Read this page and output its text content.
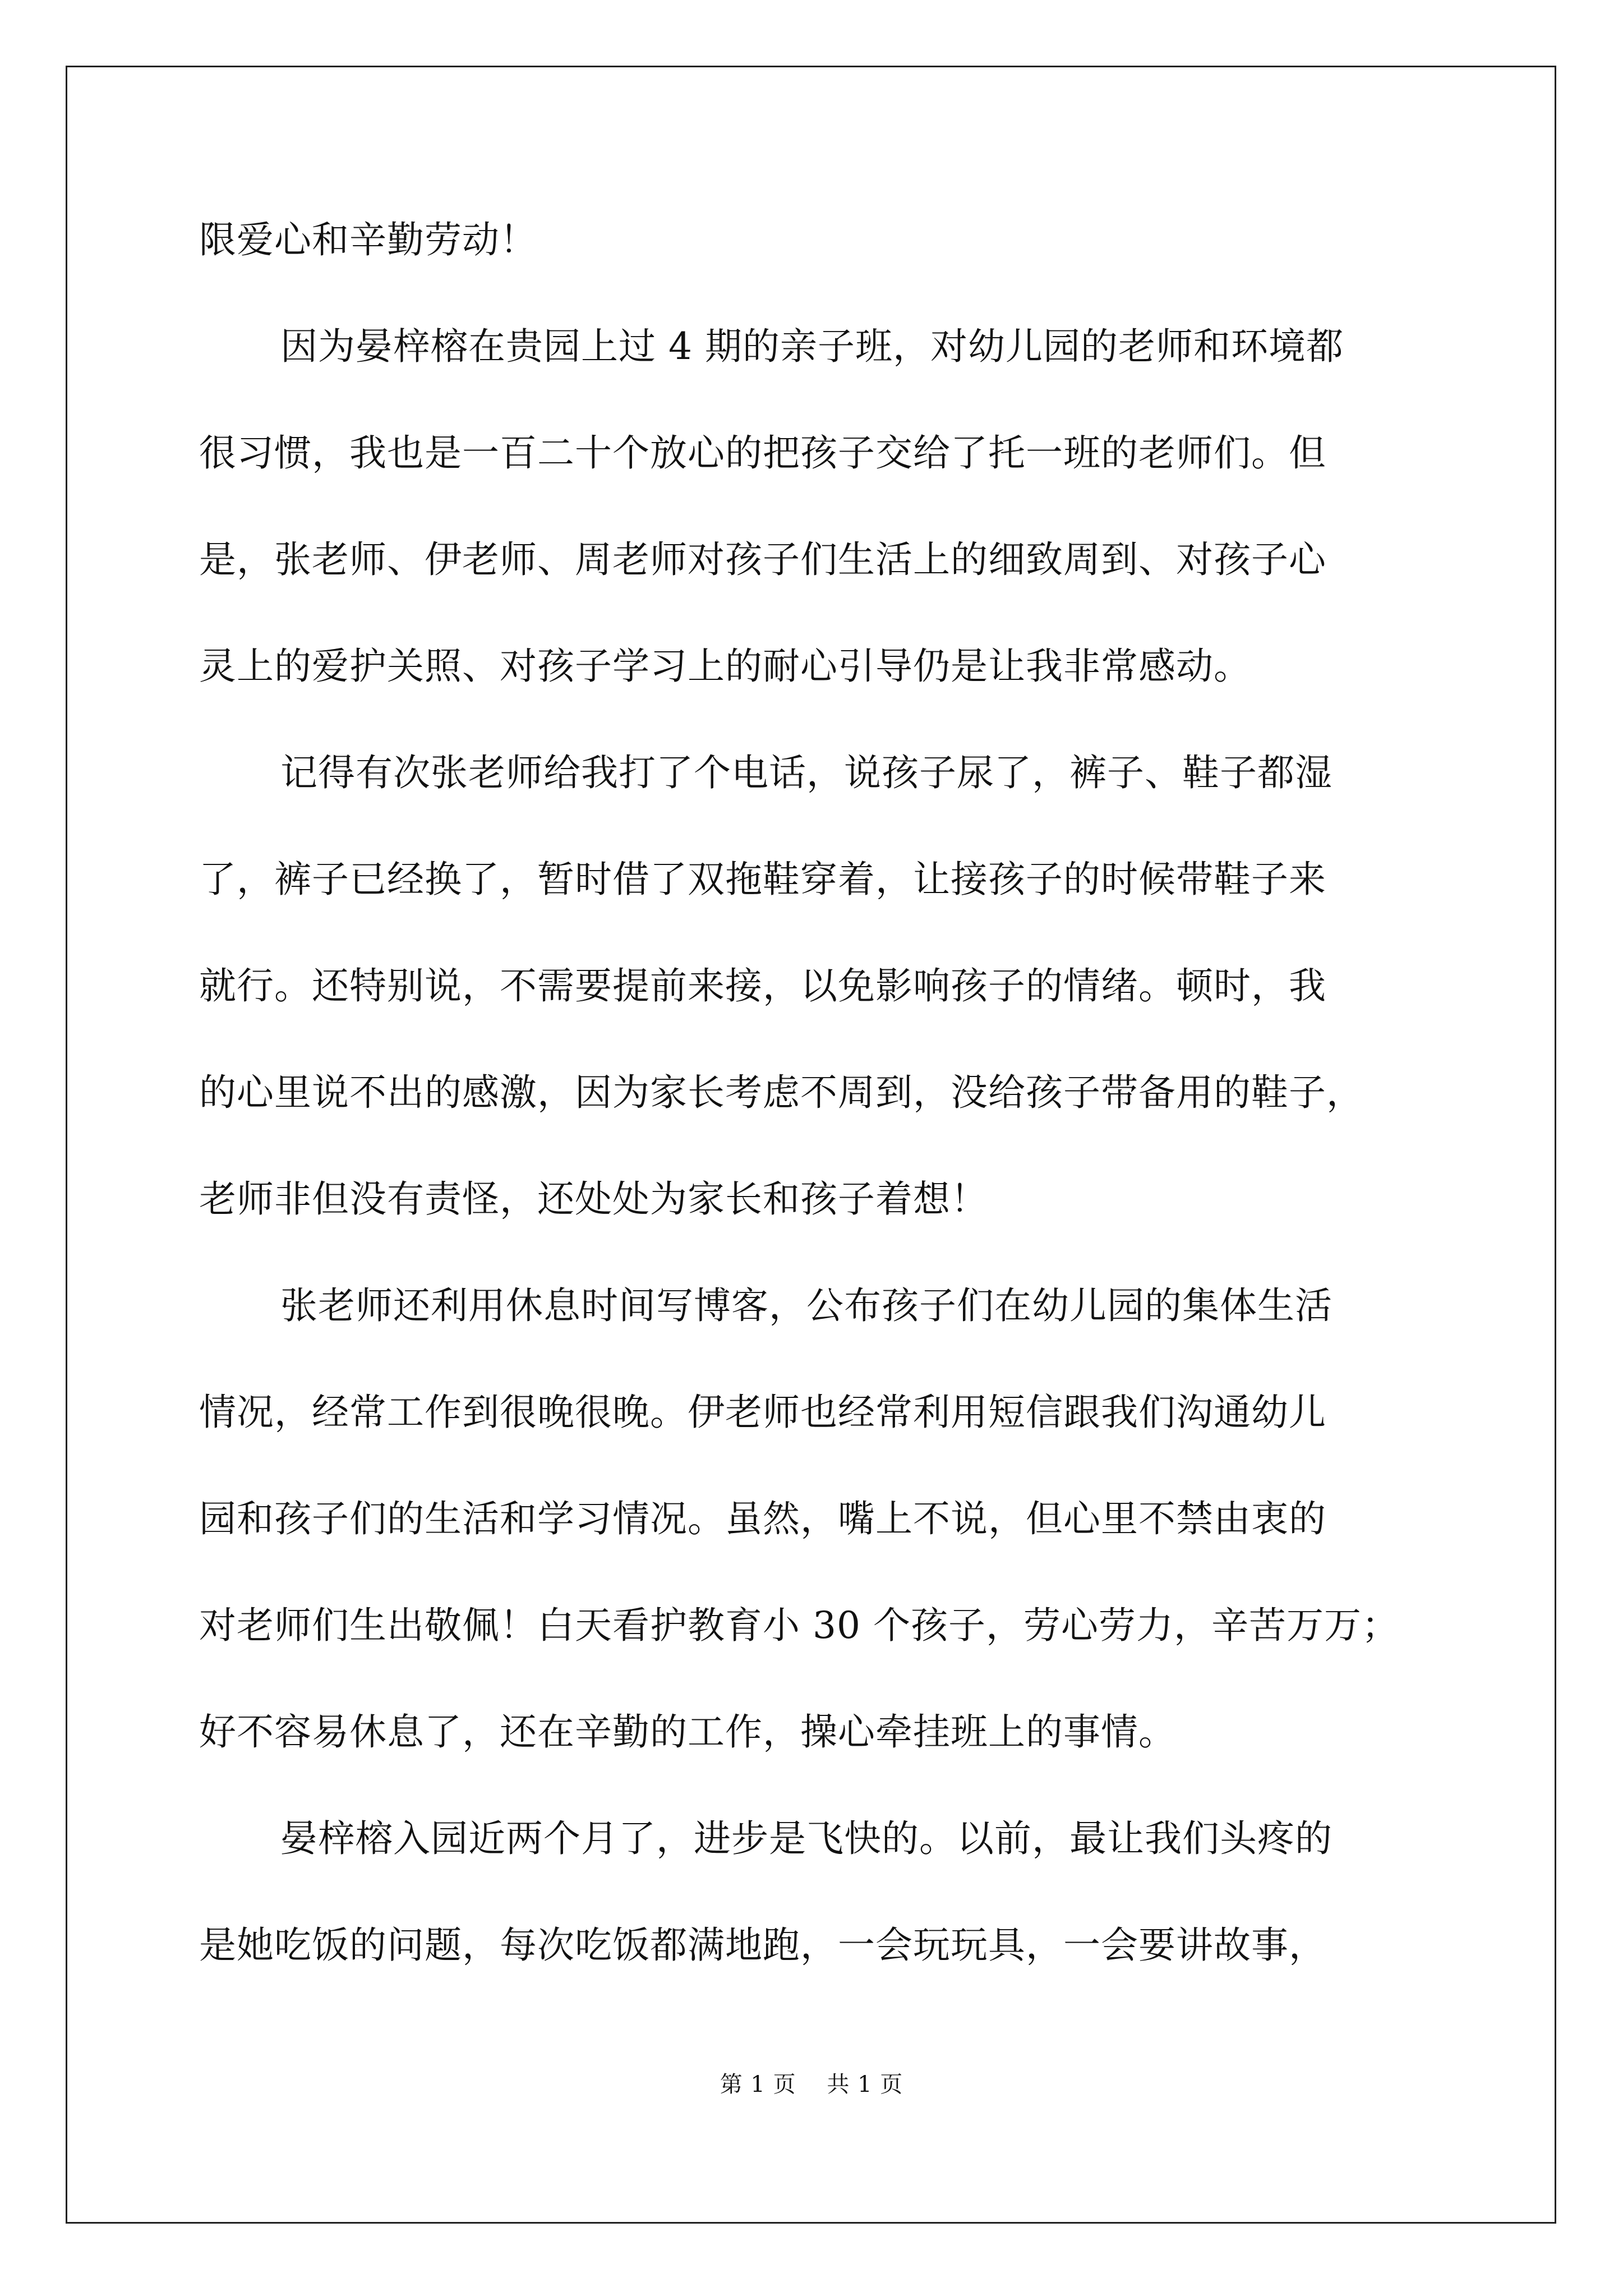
限爱心和辛勤劳动！

因为晏梓榕在贵园上过 4 期的亲子班，对幼儿园的老师和环境都

很习惯，我也是一百二十个放心的把孩子交给了托一班的老师们。但

是，张老师、伊老师、周老师对孩子们生活上的细致周到、对孩子心

灵上的爱护关照、对孩子学习上的耐心引导仍是让我非常感动。

记得有次张老师给我打了个电话，说孩子尿了，裤子、鞋子都湿

了，裤子已经换了，暂时借了双拖鞋穿着，让接孩子的时候带鞋子来

就行。还特别说，不需要提前来接，以免影响孩子的情绪。顿时，我

的心里说不出的感激，因为家长考虑不周到，没给孩子带备用的鞋子，

老师非但没有责怪，还处处为家长和孩子着想！

张老师还利用休息时间写博客，公布孩子们在幼儿园的集体生活

情况，经常工作到很晚很晚。伊老师也经常利用短信跟我们沟通幼儿

园和孩子们的生活和学习情况。虽然，嘴上不说，但心里不禁由衷的

对老师们生出敬佩！白天看护教育小 30 个孩子，劳心劳力，辛苦万万；

好不容易休息了，还在辛勤的工作，操心牵挂班上的事情。

晏梓榕入园近两个月了，进步是飞快的。以前，最让我们头疼的

是她吃饭的问题，每次吃饭都满地跑，一会玩玩具，一会要讲故事，

第 1 页    共 1 页
